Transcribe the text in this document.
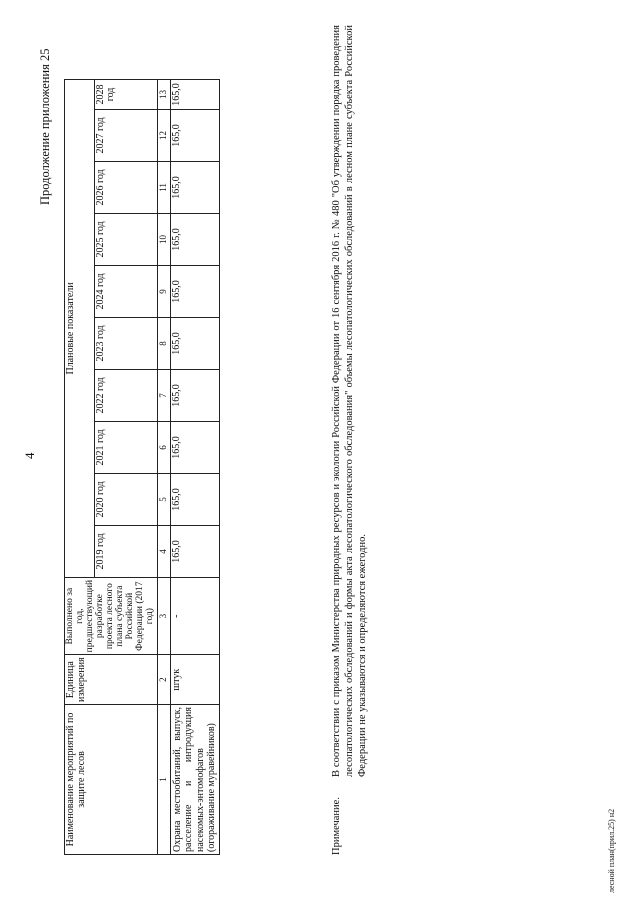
4
Продолжение приложения 25
Наименование мероприятий по защите лесов	Единица измерения	Выполнено за год, предшествующий разработке проекта лесного плана субъекта Российской Федерации (2017 год)	Плановые показатели									
			2019 год	2020 год	2021 год	2022 год	2023 год	2024 год	2025 год	2026 год	2027 год	2028 год
1	2	3	4	5	6	7	8	9	10	11	12	13
Охрана местообитаний, выпуск, расселение и интродукция насекомых-энтомофагов (огораживание муравейников)	штук	-	165,0	165,0	165,0	165,0	165,0	165,0	165,0	165,0	165,0	165,0
Примечание.
В соответствии с приказом Министерства природных ресурсов и экологии Российской Федерации от 16 сентября 2016 г. № 480 "Об утверждении порядка проведения лесопатологических обследований и формы акта лесопатологического обследования" объемы лесопатологических обследований в лесном плане субъекта Российской Федерации не указываются и определяются ежегодно.
лесной план(прил.25) н2
